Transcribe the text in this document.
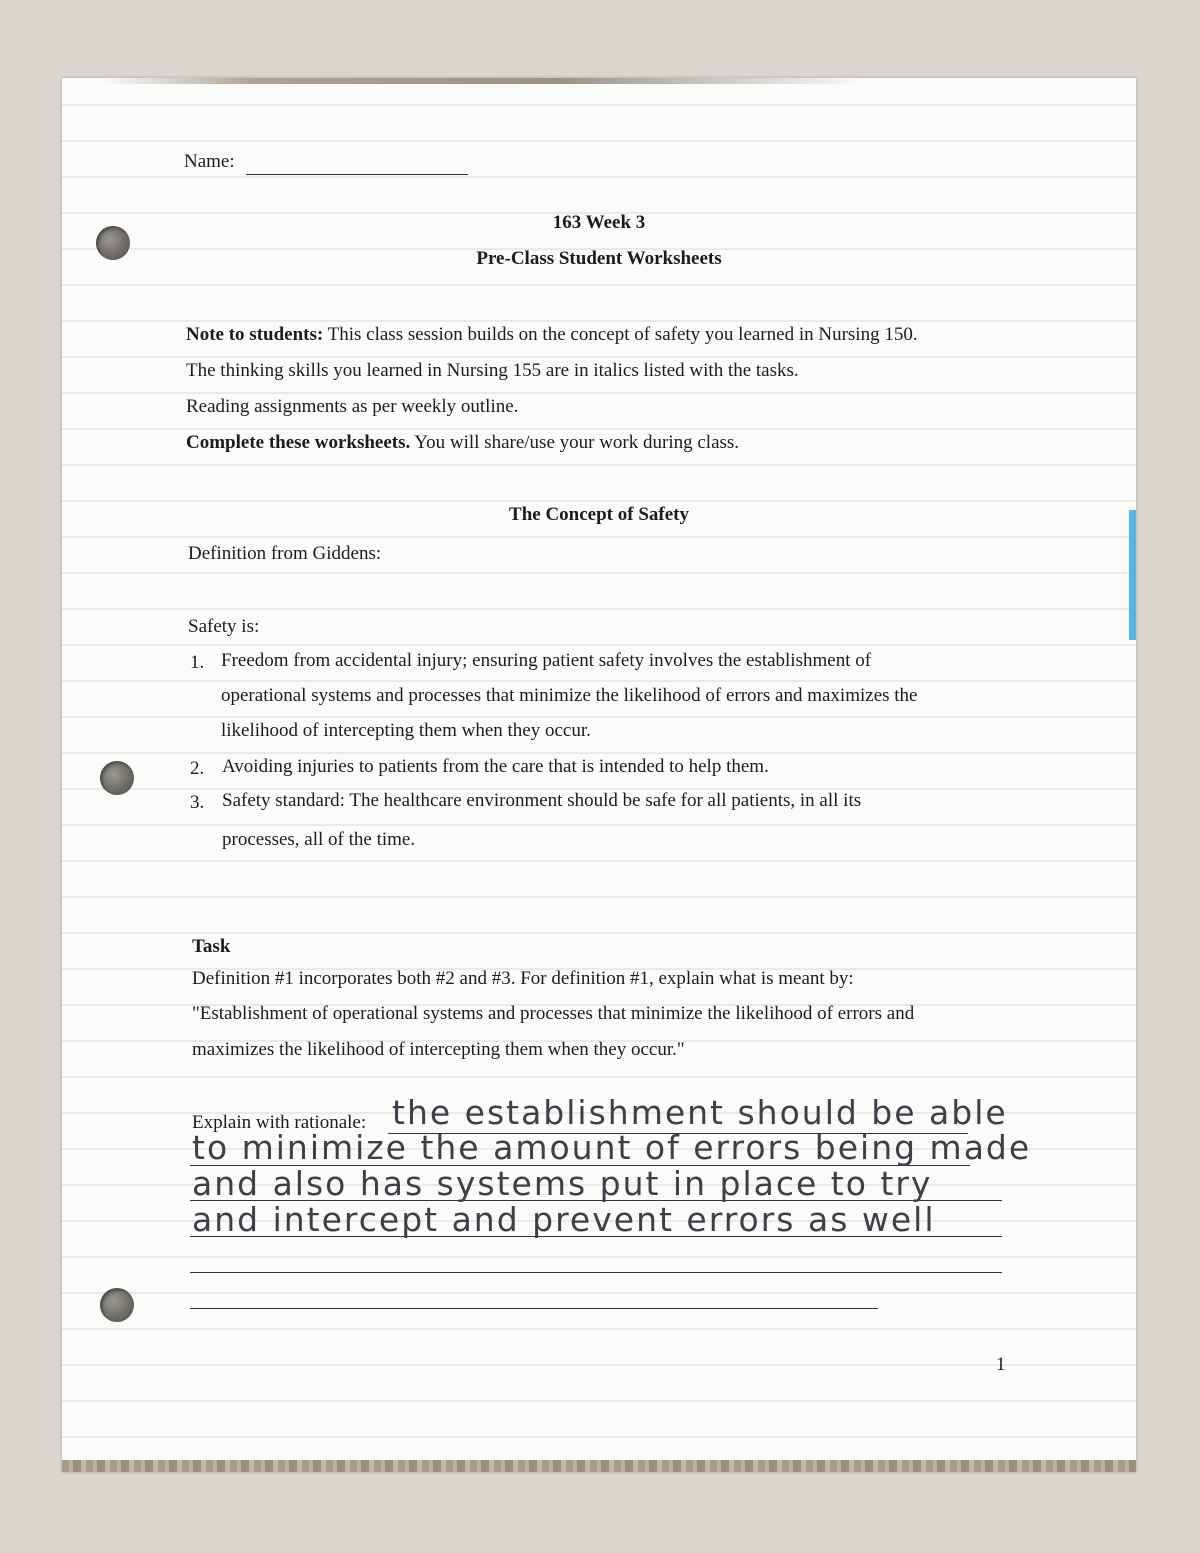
Name:
163 Week 3
Pre-Class Student Worksheets
Note to students: This class session builds on the concept of safety you learned in Nursing 150.
The thinking skills you learned in Nursing 155 are in italics listed with the tasks.
Reading assignments as per weekly outline.
Complete these worksheets. You will share/use your work during class.
The Concept of Safety
Definition from Giddens:
Safety is:
1. Freedom from accidental injury; ensuring patient safety involves the establishment of
operational systems and processes that minimize the likelihood of errors and maximizes the
likelihood of intercepting them when they occur.
2. Avoiding injuries to patients from the care that is intended to help them.
3. Safety standard: The healthcare environment should be safe for all patients, in all its
processes, all of the time.
Task
Definition #1 incorporates both #2 and #3. For definition #1, explain what is meant by:
"Establishment of operational systems and processes that minimize the likelihood of errors and
maximizes the likelihood of intercepting them when they occur."
Explain with rationale: the establishment should be able
to minimize the amount of errors being made
and also has systems put in place to try
and intercept and prevent errors as well
1
